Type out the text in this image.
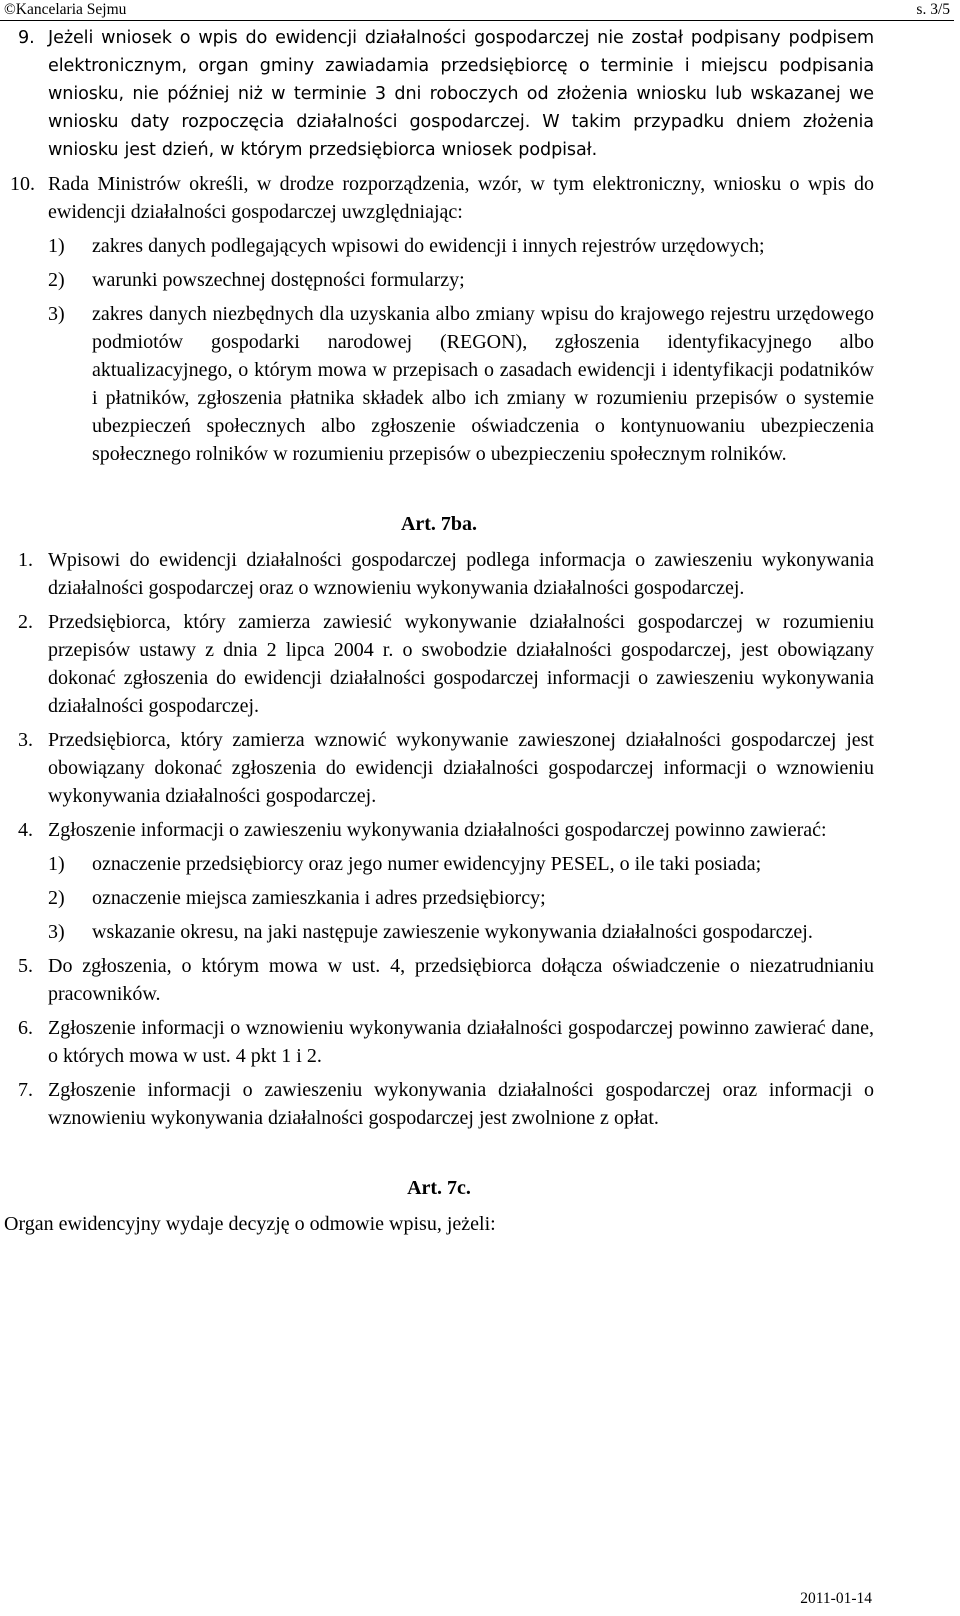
©Kancelaria Sejmu	s. 3/5
9. Jeżeli wniosek o wpis do ewidencji działalności gospodarczej nie został podpisany podpisem elektronicznym, organ gminy zawiadamia przedsiębiorcę o terminie i miejscu podpisania wniosku, nie później niż w terminie 3 dni roboczych od złożenia wniosku lub wskazanej we wniosku daty rozpoczęcia działalności gospodarczej. W takim przypadku dniem złożenia wniosku jest dzień, w którym przedsiębiorca wniosek podpisał.
10. Rada Ministrów określi, w drodze rozporządzenia, wzór, w tym elektroniczny, wniosku o wpis do ewidencji działalności gospodarczej uwzględniając:
1) zakres danych podlegających wpisowi do ewidencji i innych rejestrów urzędowych;
2) warunki powszechnej dostępności formularzy;
3) zakres danych niezbędnych dla uzyskania albo zmiany wpisu do krajowego rejestru urzędowego podmiotów gospodarki narodowej (REGON), zgłoszenia identyfikacyjnego albo aktualizacyjnego, o którym mowa w przepisach o zasadach ewidencji i identyfikacji podatników i płatników, zgłoszenia płatnika składek albo ich zmiany w rozumieniu przepisów o systemie ubezpieczeń społecznych albo zgłoszenie oświadczenia o kontynuowaniu ubezpieczenia społecznego rolników w rozumieniu przepisów o ubezpieczeniu społecznym rolników.
Art. 7ba.
1. Wpisowi do ewidencji działalności gospodarczej podlega informacja o zawieszeniu wykonywania działalności gospodarczej oraz o wznowieniu wykonywania działalności gospodarczej.
2. Przedsiębiorca, który zamierza zawiesić wykonywanie działalności gospodarczej w rozumieniu przepisów ustawy z dnia 2 lipca 2004 r. o swobodzie działalności gospodarczej, jest obowiązany dokonać zgłoszenia do ewidencji działalności gospodarczej informacji o zawieszeniu wykonywania działalności gospodarczej.
3. Przedsiębiorca, który zamierza wznowić wykonywanie zawieszonej działalności gospodarczej jest obowiązany dokonać zgłoszenia do ewidencji działalności gospodarczej informacji o wznowieniu wykonywania działalności gospodarczej.
4. Zgłoszenie informacji o zawieszeniu wykonywania działalności gospodarczej powinno zawierać:
1) oznaczenie przedsiębiorcy oraz jego numer ewidencyjny PESEL, o ile taki posiada;
2) oznaczenie miejsca zamieszkania i adres przedsiębiorcy;
3) wskazanie okresu, na jaki następuje zawieszenie wykonywania działalności gospodarczej.
5. Do zgłoszenia, o którym mowa w ust. 4, przedsiębiorca dołącza oświadczenie o niezatrudnianiu pracowników.
6. Zgłoszenie informacji o wznowieniu wykonywania działalności gospodarczej powinno zawierać dane, o których mowa w ust. 4 pkt 1 i 2.
7. Zgłoszenie informacji o zawieszeniu wykonywania działalności gospodarczej oraz informacji o wznowieniu wykonywania działalności gospodarczej jest zwolnione z opłat.
Art. 7c.

Organ ewidencyjny wydaje decyzję o odmowie wpisu, jeżeli:

2011-01-14
